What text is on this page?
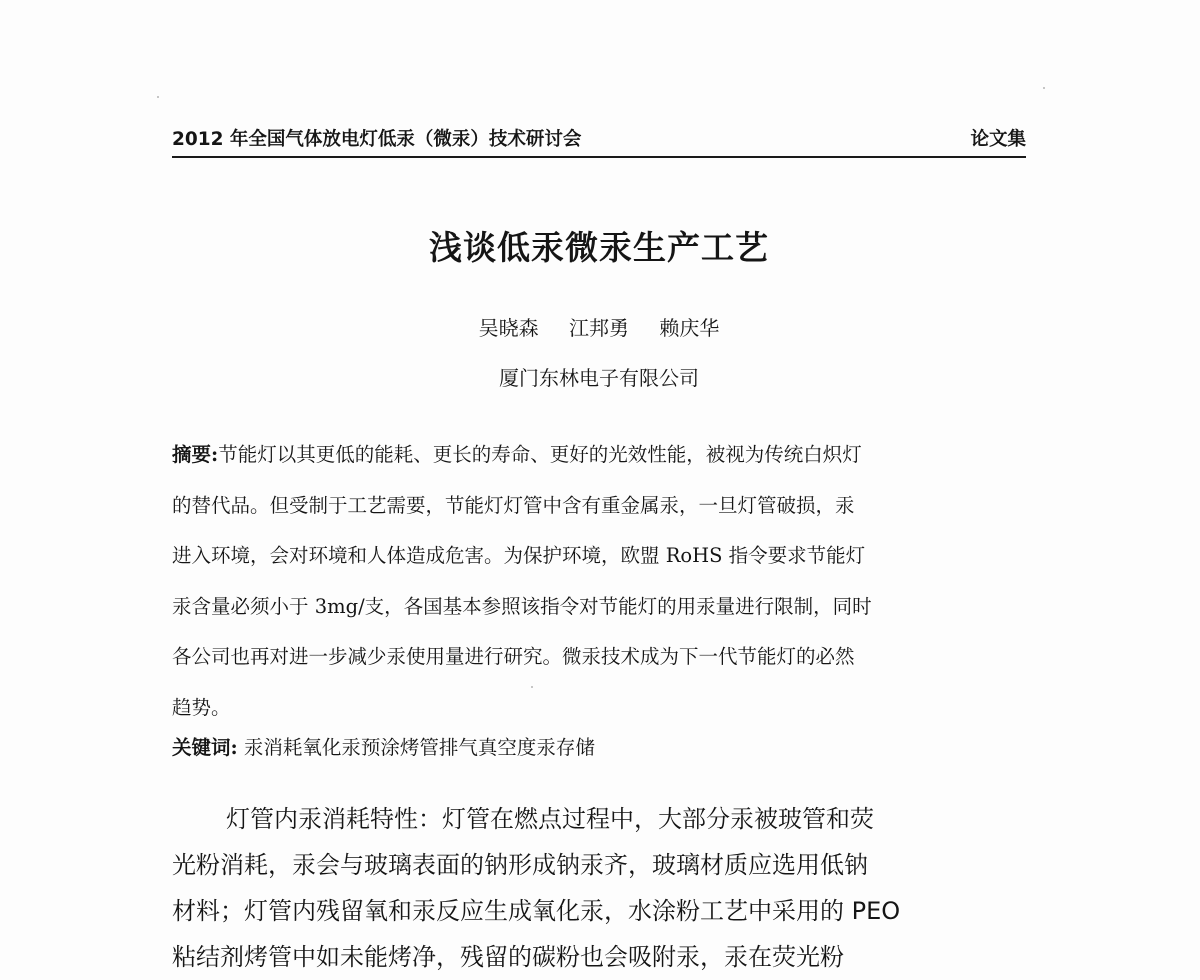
2012 年全国气体放电灯低汞（微汞）技术研讨会	论文集
浅谈低汞微汞生产工艺
吴晓森 江邦勇 赖庆华
厦门东林电子有限公司
摘要:节能灯以其更低的能耗、更长的寿命、更好的光效性能，被视为传统白炽灯
的替代品。但受制于工艺需要，节能灯灯管中含有重金属汞，一旦灯管破损，汞
进入环境，会对环境和人体造成危害。为保护环境，欧盟 RoHS 指令要求节能灯
汞含量必须小于 3mg/支，各国基本参照该指令对节能灯的用汞量进行限制，同时
各公司也再对进一步减少汞使用量进行研究。微汞技术成为下一代节能灯的必然
趋势。
关键词: 汞消耗氧化汞预涂烤管排气真空度汞存储
灯管内汞消耗特性：灯管在燃点过程中，大部分汞被玻管和荧
光粉消耗，汞会与玻璃表面的钠形成钠汞齐，玻璃材质应选用低钠
材料；灯管内残留氧和汞反应生成氧化汞，水涂粉工艺中采用的 PEO
粘结剂烤管中如未能烤净，残留的碳粉也会吸附汞，汞在荧光粉
